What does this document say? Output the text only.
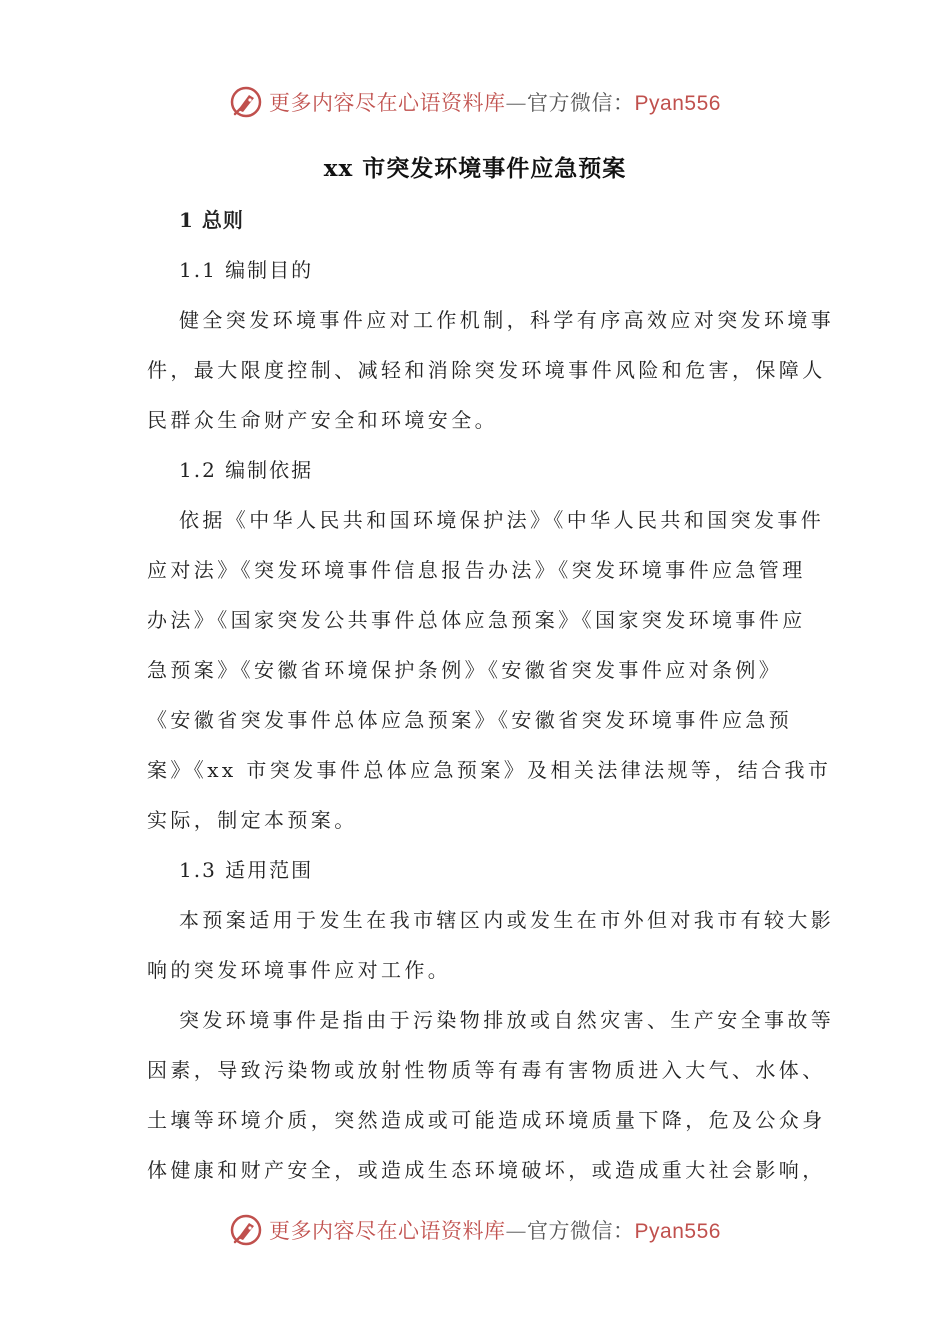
更多内容尽在心语资料库—官方微信：Pyan556
xx 市突发环境事件应急预案
1 总则
1.1 编制目的
健全突发环境事件应对工作机制，科学有序高效应对突发环境事
件，最大限度控制、减轻和消除突发环境事件风险和危害，保障人
民群众生命财产安全和环境安全。
1.2 编制依据
依据《中华人民共和国环境保护法》《中华人民共和国突发事件
应对法》《突发环境事件信息报告办法》《突发环境事件应急管理
办法》《国家突发公共事件总体应急预案》《国家突发环境事件应
急预案》《安徽省环境保护条例》《安徽省突发事件应对条例》
《安徽省突发事件总体应急预案》《安徽省突发环境事件应急预
案》《xx 市突发事件总体应急预案》及相关法律法规等，结合我市
实际，制定本预案。
1.3 适用范围
本预案适用于发生在我市辖区内或发生在市外但对我市有较大影
响的突发环境事件应对工作。
突发环境事件是指由于污染物排放或自然灾害、生产安全事故等
因素，导致污染物或放射性物质等有毒有害物质进入大气、水体、
土壤等环境介质，突然造成或可能造成环境质量下降，危及公众身
体健康和财产安全，或造成生态环境破坏，或造成重大社会影响，
更多内容尽在心语资料库—官方微信：Pyan556
